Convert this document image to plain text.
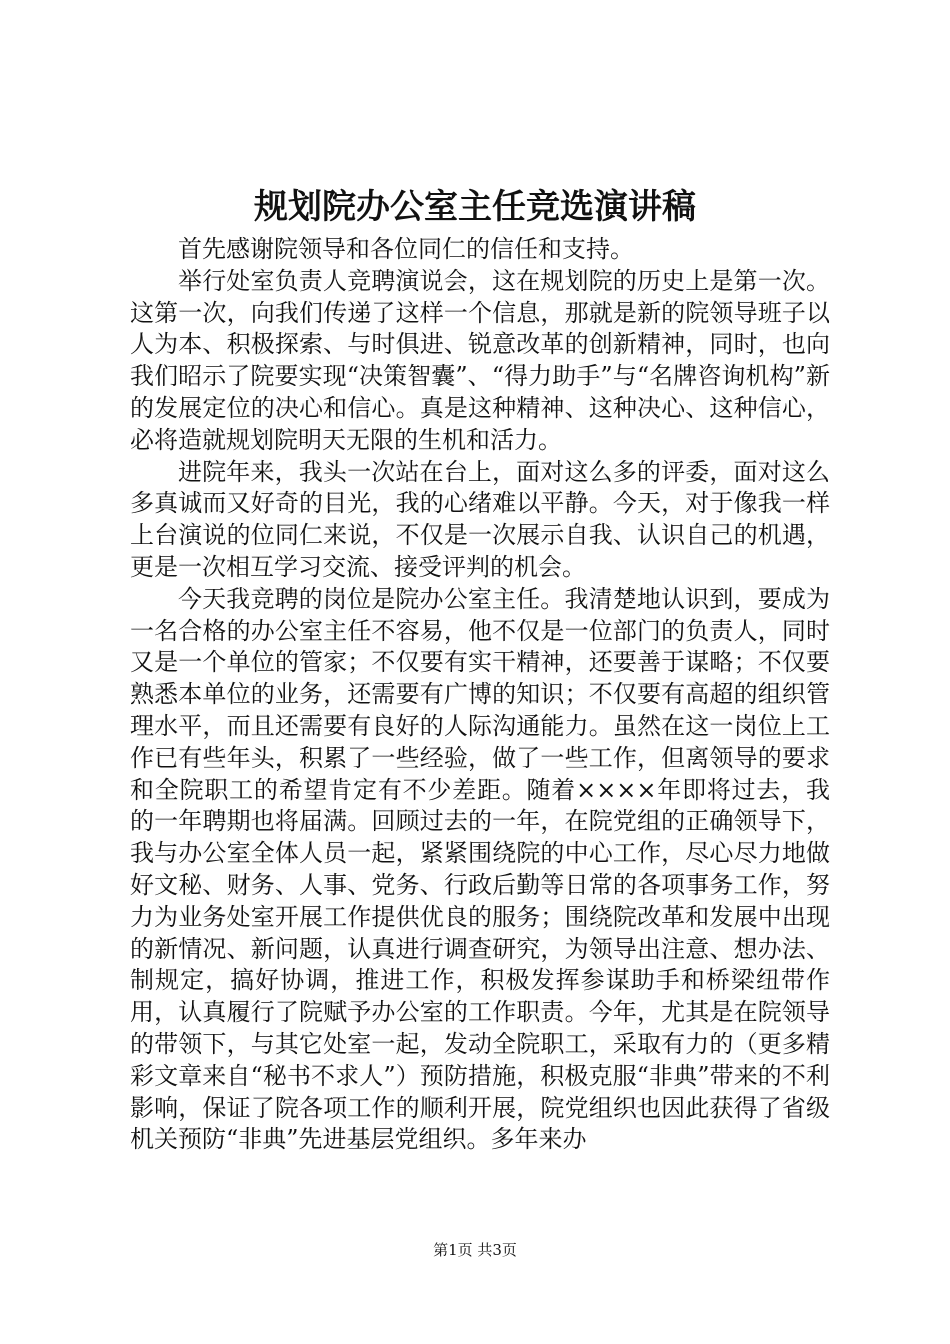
规划院办公室主任竞选演讲稿

首先感谢院领导和各位同仁的信任和支持。

举行处室负责人竞聘演说会，这在规划院的历史上是第一次。这第一次，向我们传递了这样一个信息，那就是新的院领导班子以人为本、积极探索、与时俱进、锐意改革的创新精神，同时，也向我们昭示了院要实现“决策智囊”、“得力助手”与“名牌咨询机构”新的发展定位的决心和信心。真是这种精神、这种决心、这种信心，必将造就规划院明天无限的生机和活力。

进院年来，我头一次站在台上，面对这么多的评委，面对这么多真诚而又好奇的目光，我的心绪难以平静。今天，对于像我一样上台演说的位同仁来说，不仅是一次展示自我、认识自己的机遇，更是一次相互学习交流、接受评判的机会。

今天我竞聘的岗位是院办公室主任。我清楚地认识到，要成为一名合格的办公室主任不容易，他不仅是一位部门的负责人，同时又是一个单位的管家；不仅要有实干精神，还要善于谋略；不仅要熟悉本单位的业务，还需要有广博的知识；不仅要有高超的组织管理水平，而且还需要有良好的人际沟通能力。虽然在这一岗位上工作已有些年头，积累了一些经验，做了一些工作，但离领导的要求和全院职工的希望肯定有不少差距。随着××××年即将过去，我的一年聘期也将届满。回顾过去的一年，在院党组的正确领导下，我与办公室全体人员一起，紧紧围绕院的中心工作，尽心尽力地做好文秘、财务、人事、党务、行政后勤等日常的各项事务工作，努力为业务处室开展工作提供优良的服务；围绕院改革和发展中出现的新情况、新问题，认真进行调查研究，为领导出注意、想办法、制规定，搞好协调，推进工作，积极发挥参谋助手和桥梁纽带作用，认真履行了院赋予办公室的工作职责。今年，尤其是在院领导的带领下，与其它处室一起，发动全院职工，采取有力的（更多精彩文章来自“秘书不求人”）预防措施，积极克服“非典”带来的不利影响，保证了院各项工作的顺利开展，院党组织也因此获得了省级机关预防“非典”先进基层党组织。多年来办

第1页 共3页
